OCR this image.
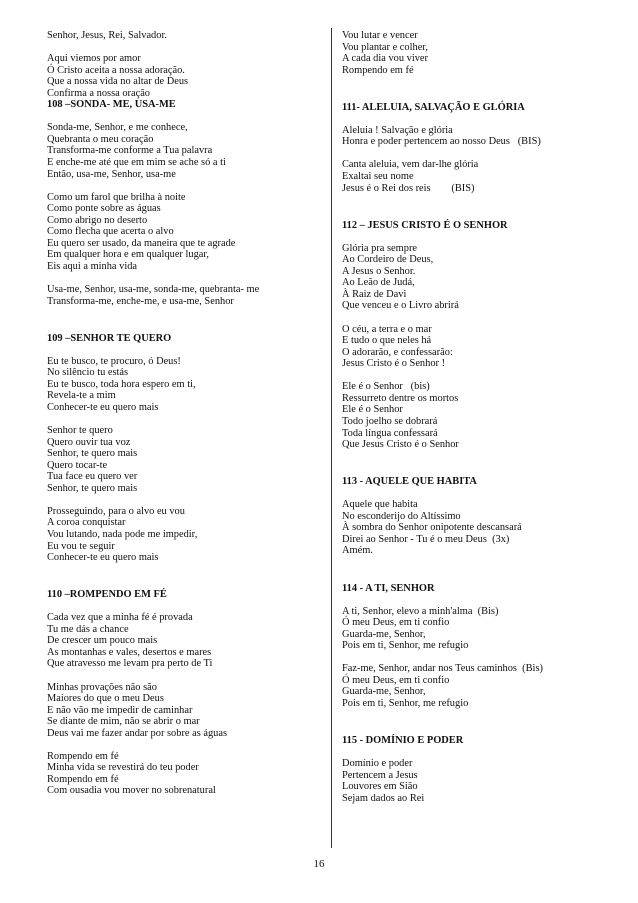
Senhor, Jesus, Rei, Salvador.
Aqui viemos por amor
Ó Cristo aceita a nossa adoração.
Que a nossa vida no altar de Deus
Confirma a nossa oração
108 –SONDA- ME, USA-ME
Sonda-me, Senhor, e me conhece,
Quebranta o meu coração
Transforma-me conforme a Tua palavra
E enche-me até que em mim se ache só a ti
Então, usa-me, Senhor, usa-me
Como um farol que brilha à noite
Como ponte sobre as águas
Como abrigo no deserto
Como flecha que acerta o alvo
Eu quero ser usado, da maneira que te agrade
Em qualquer hora e em qualquer lugar,
Eis aqui a minha vida
Usa-me, Senhor, usa-me, sonda-me, quebranta- me
Transforma-me, enche-me, e usa-me, Senhor
109 –SENHOR TE QUERO
Eu te busco, te procuro, ó Deus!
No silêncio tu estás
Eu te busco, toda hora espero em ti,
Revela-te a mim
Conhecer-te eu quero mais
Senhor te quero
Quero ouvir tua voz
Senhor, te quero mais
Quero tocar-te
Tua face eu quero ver
Senhor, te quero mais
Prosseguindo, para o alvo eu vou
A coroa conquistar
Vou lutando, nada pode me impedir,
Eu vou te seguir
Conhecer-te eu quero mais
110 –ROMPENDO EM FÉ
Cada vez que a minha fé é provada
Tu me dás a chance
De crescer um pouco mais
As montanhas e vales, desertos e mares
Que atravesso me levam pra perto de Ti
Minhas provações não são
Maiores do que o meu Deus
E não vão me impedir de caminhar
Se diante de mim, não se abrir o mar
Deus vai me fazer andar por sobre as águas
Rompendo em fé
Minha vida se revestirá do teu poder
Rompendo em fé
Com ousadia vou mover no sobrenatural
Vou lutar e vencer
Vou plantar e colher,
A cada dia vou viver
Rompendo em fé
111- ALELUIA, SALVAÇÃO E GLÓRIA
Aleluia ! Salvação e glória
Honra e poder pertencem ao nosso Deus   (BIS)
Canta aleluia, vem dar-lhe glória
Exaltai seu nome
Jesus é o Rei dos reis        (BIS)
112 – JESUS CRISTO É O SENHOR
Glória pra sempre
Ao Cordeiro de Deus,
A Jesus o Senhor.
Ao Leão de Judá,
À Raiz de Davi
Que venceu e o Livro abrirá
O céu, a terra e o mar
E tudo o que neles há
O adorarão, e confessarão:
Jesus Cristo é o Senhor !
Ele é o Senhor   (bis)
Ressurreto dentre os mortos
Ele é o Senhor
Todo joelho se dobrará
Toda língua confessará
Que Jesus Cristo é o Senhor
113 - AQUELE QUE HABITA
Aquele que habita
No esconderijo do Altíssimo
À sombra do Senhor onipotente descansará
Direi ao Senhor - Tu é o meu Deus  (3x)
Amém.
114 - A TI, SENHOR
A ti, Senhor, elevo a minh'alma  (Bis)
Ó meu Deus, em ti confio
Guarda-me, Senhor,
Pois em ti, Senhor, me refugio
Faz-me, Senhor, andar nos Teus caminhos  (Bis)
Ó meu Deus, em ti confio
Guarda-me, Senhor,
Pois em ti, Senhor, me refugio
115 - DOMÍNIO E PODER
Domínio e poder
Pertencem a Jesus
Louvores em Sião
Sejam dados ao Rei
16
